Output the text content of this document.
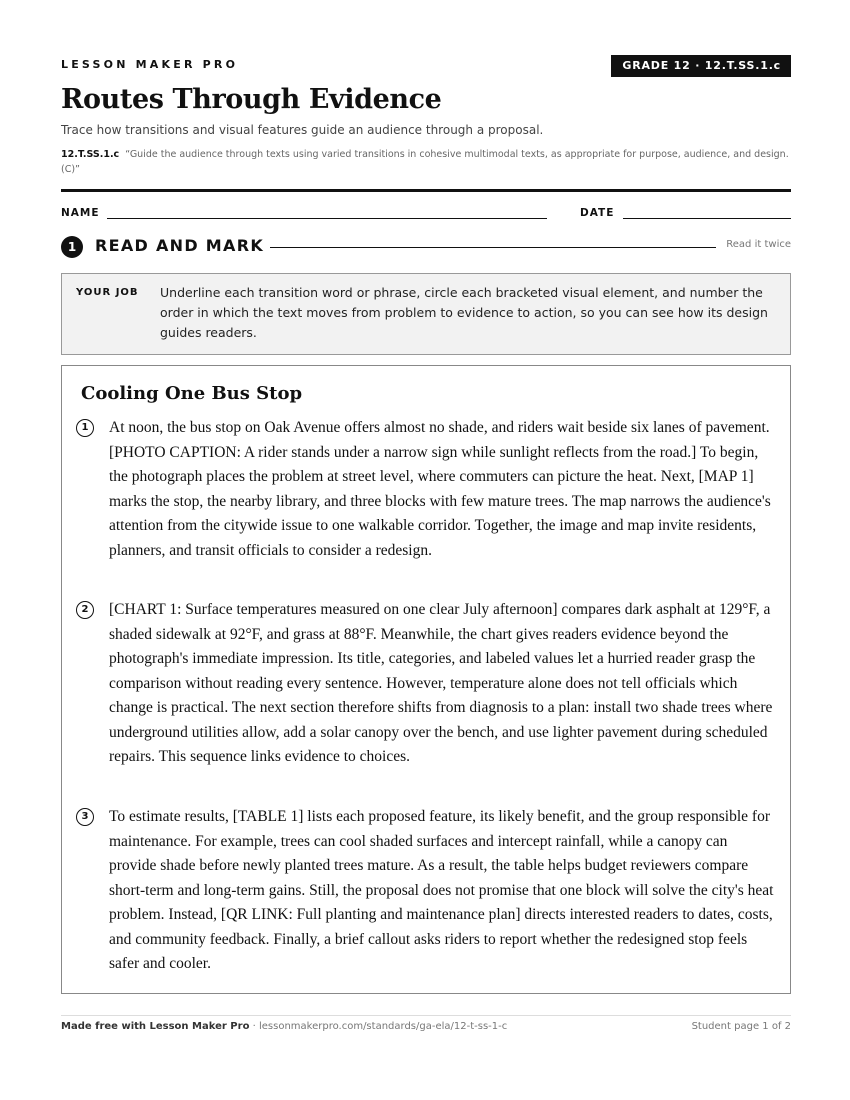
LESSON MAKER PRO	GRADE 12 · 12.T.SS.1.c
Routes Through Evidence
Trace how transitions and visual features guide an audience through a proposal.
12.T.SS.1.c “Guide the audience through texts using varied transitions in cohesive multimodal texts, as appropriate for purpose, audience, and design. (C)”
NAME	DATE
1	READ AND MARK	Read it twice
YOUR JOB Underline each transition word or phrase, circle each bracketed visual element, and number the order in which the text moves from problem to evidence to action, so you can see how its design guides readers.
Cooling One Bus Stop
1	At noon, the bus stop on Oak Avenue offers almost no shade, and riders wait beside six lanes of pavement. [PHOTO CAPTION: A rider stands under a narrow sign while sunlight reflects from the road.] To begin, the photograph places the problem at street level, where commuters can picture the heat. Next, [MAP 1] marks the stop, the nearby library, and three blocks with few mature trees. The map narrows the audience's attention from the citywide issue to one walkable corridor. Together, the image and map invite residents, planners, and transit officials to consider a redesign.

2	[CHART 1: Surface temperatures measured on one clear July afternoon] compares dark asphalt at 129°F, a shaded sidewalk at 92°F, and grass at 88°F. Meanwhile, the chart gives readers evidence beyond the photograph's immediate impression. Its title, categories, and labeled values let a hurried reader grasp the comparison without reading every sentence. However, temperature alone does not tell officials which change is practical. The next section therefore shifts from diagnosis to a plan: install two shade trees where underground utilities allow, add a solar canopy over the bench, and use lighter pavement during scheduled repairs. This sequence links evidence to choices.

3	To estimate results, [TABLE 1] lists each proposed feature, its likely benefit, and the group responsible for maintenance. For example, trees can cool shaded surfaces and intercept rainfall, while a canopy can provide shade before newly planted trees mature. As a result, the table helps budget reviewers compare short-term and long-term gains. Still, the proposal does not promise that one block will solve the city's heat problem. Instead, [QR LINK: Full planting and maintenance plan] directs interested readers to dates, costs, and community feedback. Finally, a brief callout asks riders to report whether the redesigned stop feels safer and cooler.

Made free with Lesson Maker Pro · lessonmakerpro.com/standards/ga-ela/12-t-ss-1-c	Student page 1 of 2
